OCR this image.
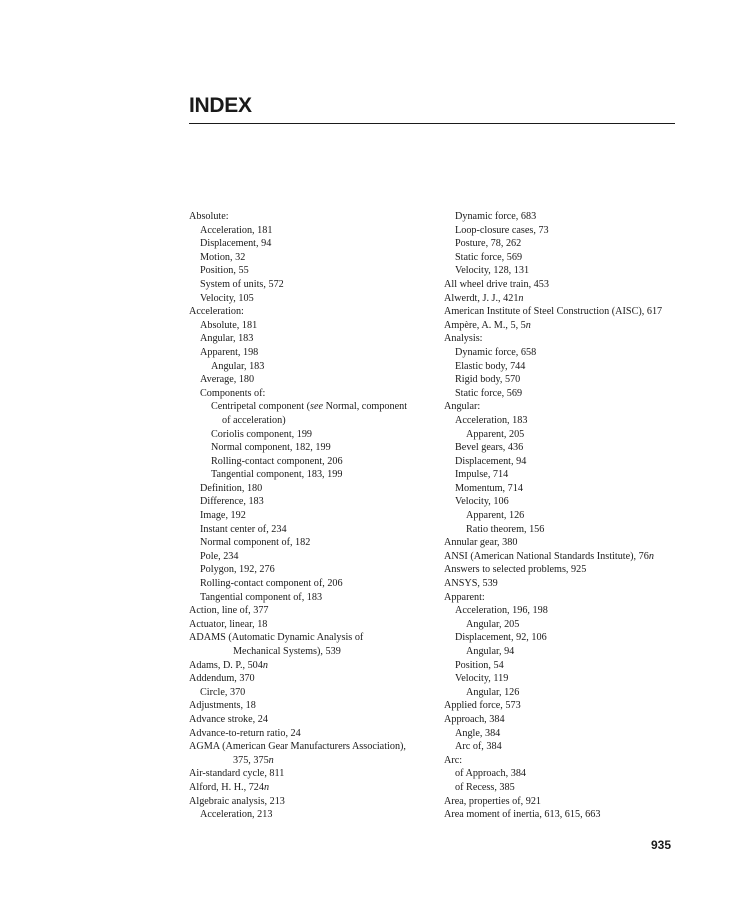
INDEX
Absolute:
Acceleration, 181
Displacement, 94
Motion, 32
Position, 55
System of units, 572
Velocity, 105
Acceleration:
Absolute, 181
Angular, 183
Apparent, 198
Angular, 183
Average, 180
Components of:
Centripetal component (see Normal, component
of acceleration)
Coriolis component, 199
Normal component, 182, 199
Rolling-contact component, 206
Tangential component, 183, 199
Definition, 180
Difference, 183
Image, 192
Instant center of, 234
Normal component of, 182
Pole, 234
Polygon, 192, 276
Rolling-contact component of, 206
Tangential component of, 183
Action, line of, 377
Actuator, linear, 18
ADAMS (Automatic Dynamic Analysis of
Mechanical Systems), 539
Adams, D. P., 504n
Addendum, 370
Circle, 370
Adjustments, 18
Advance stroke, 24
Advance-to-return ratio, 24
AGMA (American Gear Manufacturers Association),
375, 375n
Air-standard cycle, 811
Alford, H. H., 724n
Algebraic analysis, 213
Acceleration, 213
Dynamic force, 683
Loop-closure cases, 73
Posture, 78, 262
Static force, 569
Velocity, 128, 131
All wheel drive train, 453
Alwerdt, J. J., 421n
American Institute of Steel Construction (AISC), 617
Ampère, A. M., 5, 5n
Analysis:
Dynamic force, 658
Elastic body, 744
Rigid body, 570
Static force, 569
Angular:
Acceleration, 183
Apparent, 205
Bevel gears, 436
Displacement, 94
Impulse, 714
Momentum, 714
Velocity, 106
Apparent, 126
Ratio theorem, 156
Annular gear, 380
ANSI (American National Standards Institute), 76n
Answers to selected problems, 925
ANSYS, 539
Apparent:
Acceleration, 196, 198
Angular, 205
Displacement, 92, 106
Angular, 94
Position, 54
Velocity, 119
Angular, 126
Applied force, 573
Approach, 384
Angle, 384
Arc of, 384
Arc:
of Approach, 384
of Recess, 385
Area, properties of, 921
Area moment of inertia, 613, 615, 663
935
